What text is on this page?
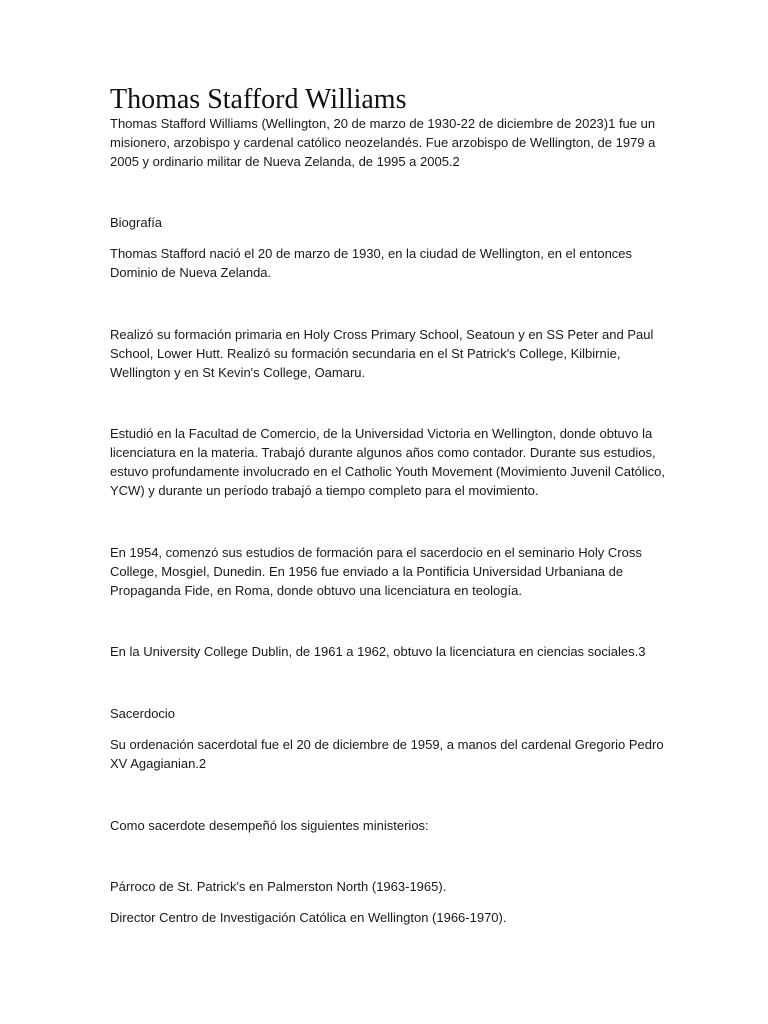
Thomas Stafford Williams

Thomas Stafford Williams (Wellington, 20 de marzo de 1930-22 de diciembre de 2023)1 fue un misionero, arzobispo y cardenal católico neozelandés. Fue arzobispo de Wellington, de 1979 a 2005 y ordinario militar de Nueva Zelanda, de 1995 a 2005.2

Biografía

Thomas Stafford nació el 20 de marzo de 1930, en la ciudad de Wellington, en el entonces Dominio de Nueva Zelanda.

Realizó su formación primaria en Holy Cross Primary School, Seatoun y en SS Peter and Paul School, Lower Hutt. Realizó su formación secundaria en el St Patrick's College, Kilbirnie, Wellington y en St Kevin's College, Oamaru.

Estudió en la Facultad de Comercio, de la Universidad Victoria en Wellington, donde obtuvo la licenciatura en la materia. Trabajó durante algunos años como contador. Durante sus estudios, estuvo profundamente involucrado en el Catholic Youth Movement (Movimiento Juvenil Católico, YCW) y durante un período trabajó a tiempo completo para el movimiento.

En 1954, comenzó sus estudios de formación para el sacerdocio en el seminario Holy Cross College, Mosgiel, Dunedin. En 1956 fue enviado a la Pontificia Universidad Urbaniana de Propaganda Fide, en Roma, donde obtuvo una licenciatura en teología.

En la University College Dublin, de 1961 a 1962, obtuvo la licenciatura en ciencias sociales.3

Sacerdocio

Su ordenación sacerdotal fue el 20 de diciembre de 1959, a manos del cardenal Gregorio Pedro XV Agagianian.2

Como sacerdote desempeñó los siguientes ministerios:

Párroco de St. Patrick's en Palmerston North (1963-1965).

Director Centro de Investigación Católica en Wellington (1966-1970).
